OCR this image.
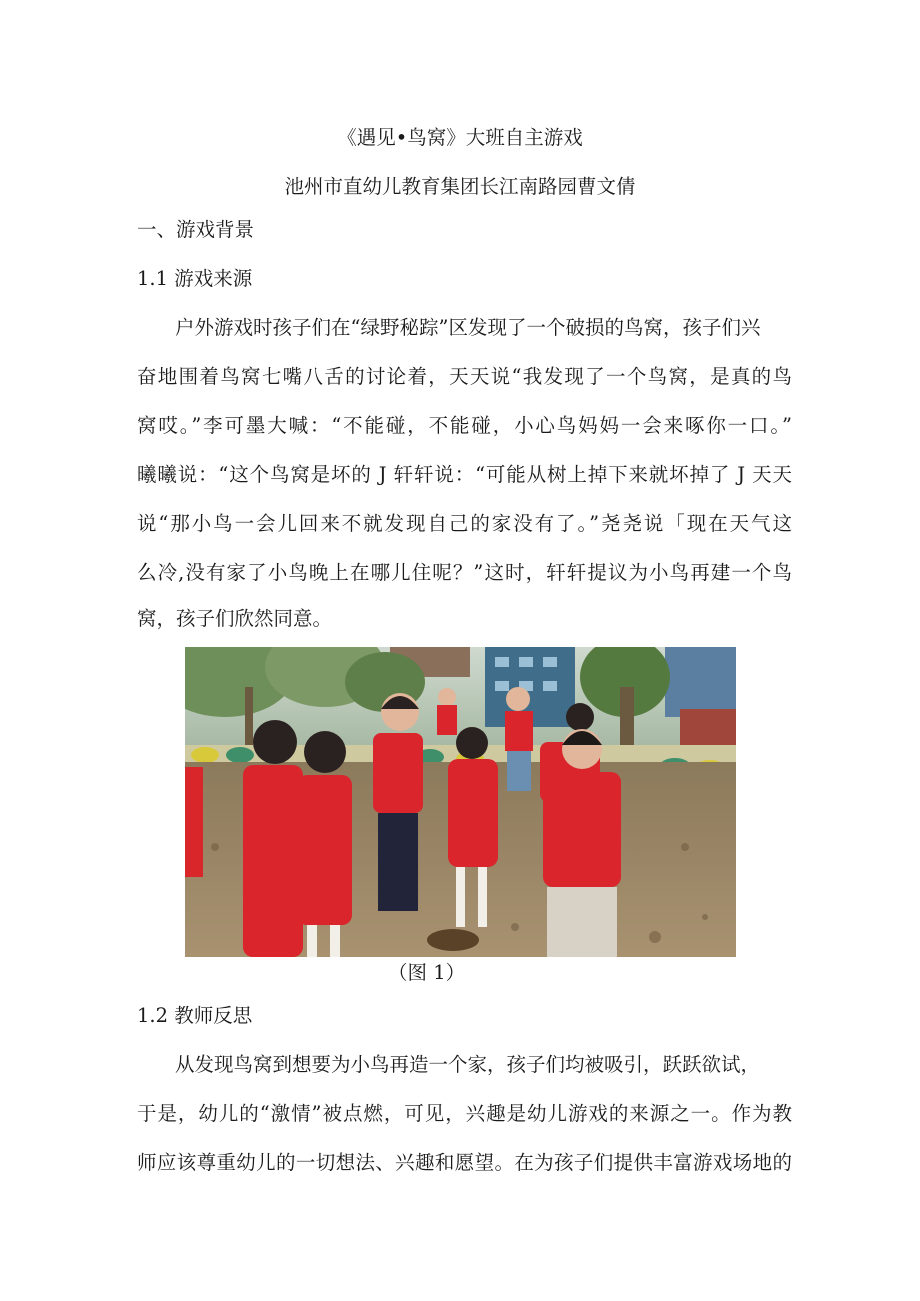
《遇见•鸟窝》大班自主游戏
池州市直幼儿教育集团长江南路园曹文倩
一、游戏背景
1.1 游戏来源
户外游戏时孩子们在“绿野秘踪”区发现了一个破损的鸟窝，孩子们兴
奋地围着鸟窝七嘴八舌的讨论着，天天说“我发现了一个鸟窝，是真的鸟
窝哎。”李可墨大喊：“不能碰，不能碰，小心鸟妈妈一会来啄你一口。”
曦曦说：“这个鸟窝是坏的 J 轩轩说：“可能从树上掉下来就坏掉了 J 天天
说“那小鸟一会儿回来不就发现自己的家没有了。”尧尧说「现在天气这
么冷,没有家了小鸟晚上在哪儿住呢？”这时，轩轩提议为小鸟再建一个鸟
窝，孩子们欣然同意。
（图 1）
1.2 教师反思
从发现鸟窝到想要为小鸟再造一个家，孩子们均被吸引，跃跃欲试，
于是，幼儿的“激情”被点燃，可见，兴趣是幼儿游戏的来源之一。作为教
师应该尊重幼儿的一切想法、兴趣和愿望。在为孩子们提供丰富游戏场地的
